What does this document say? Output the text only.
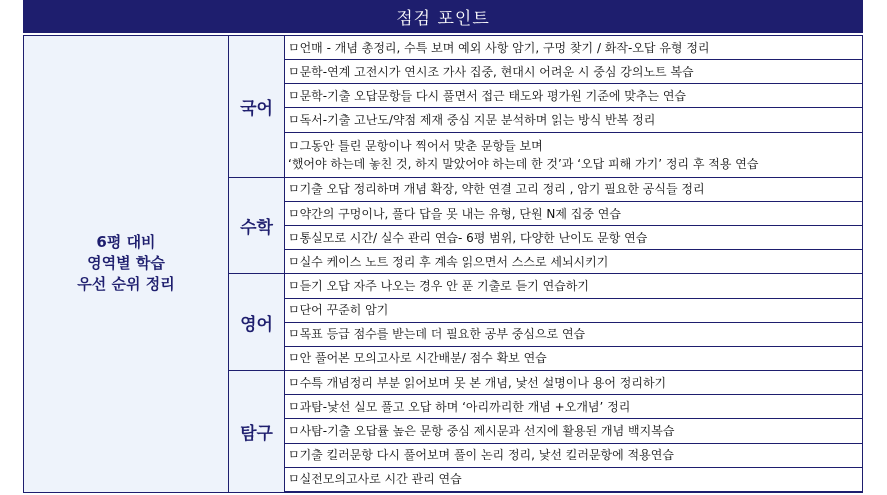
점검 포인트
6평 대비
영역별 학습
우선 순위 정리	국어	ㅁ언매 - 개념 총정리, 수특 보며 예외 사항 암기, 구멍 찾기 / 화작-오답 유형 정리

		ㅁ문학-연계 고전시가 연시조 가사 집중, 현대시 어려운 시 중심 강의노트 복습

		ㅁ문학-기출 오답문항들 다시 풀면서 접근 태도와 평가원 기준에 맞추는 연습

		ㅁ독서-기출 고난도/약점 제재 중심 지문 분석하며 읽는 방식 반복 정리

		ㅁ그동안 틀린 문항이나 찍어서 맞춘 문항들 보며
‘했어야 하는데 놓친 것, 하지 말았어야 하는데 한 것’과 ‘오답 피해 가기’ 정리 후 적용 연습

	수학	ㅁ기출 오답 정리하며 개념 확장, 약한 연결 고리 정리 , 암기 필요한 공식들 정리

		ㅁ약간의 구멍이나, 풀다 답을 못 내는 유형, 단원 N제 집중 연습

		ㅁ통실모로 시간/ 실수 관리 연습- 6평 범위, 다양한 난이도 문항 연습

		ㅁ실수 케이스 노트 정리 후 계속 읽으면서 스스로 세뇌시키기

	영어	ㅁ듣기 오답 자주 나오는 경우 안 푼 기출로 듣기 연습하기

		ㅁ단어 꾸준히 암기

		ㅁ목표 등급 점수를 받는데 더 필요한 공부 중심으로 연습

		ㅁ안 풀어본 모의고사로 시간배분/ 점수 확보 연습

	탐구	ㅁ수특 개념정리 부분 읽어보며 못 본 개념, 낯선 설명이나 용어 정리하기

		ㅁ과탐-낯선 실모 풀고 오답 하며 ‘아리까리한 개념 +오개념’ 정리

		ㅁ사탐-기출 오답률 높은 문항 중심 제시문과 선지에 활용된 개념 백지복습

		ㅁ기출 킬러문항 다시 풀어보며 풀이 논리 정리, 낯선 킬러문항에 적용연습

		ㅁ실전모의고사로 시간 관리 연습
